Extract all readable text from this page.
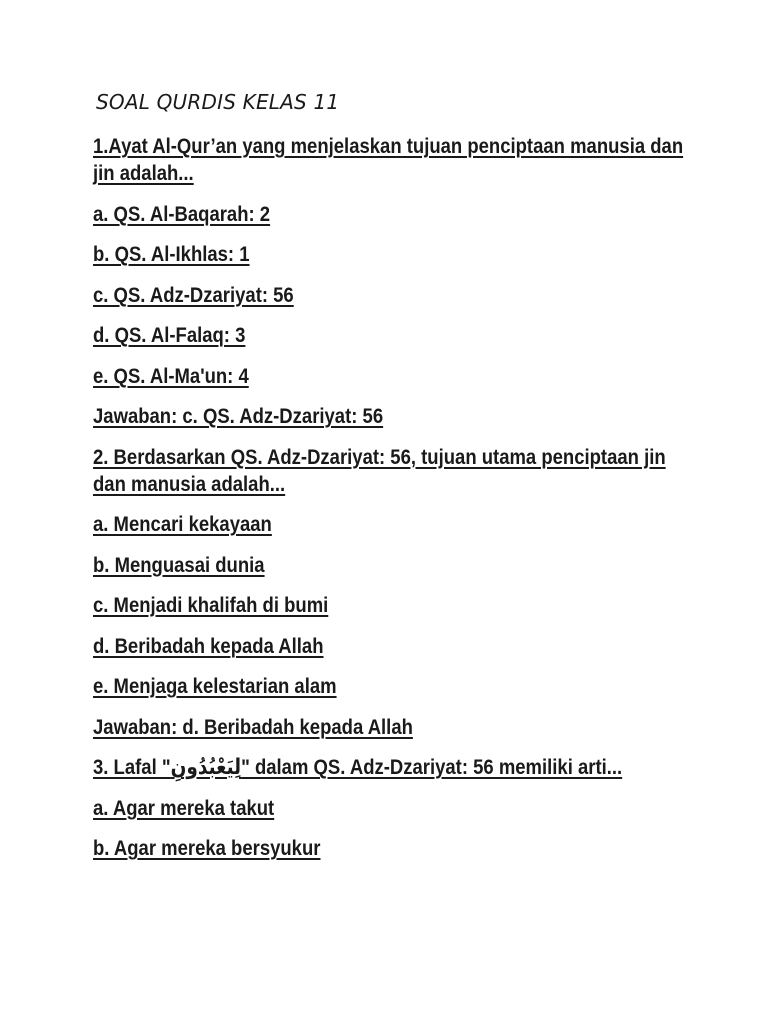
SOAL QURDIS KELAS 11
1.Ayat Al-Qur’an yang menjelaskan tujuan penciptaan manusia dan jin adalah...
a. QS. Al-Baqarah: 2
b. QS. Al-Ikhlas: 1
c. QS. Adz-Dzariyat: 56
d. QS. Al-Falaq: 3
e. QS. Al-Ma'un: 4
Jawaban: c. QS. Adz-Dzariyat: 56
2. Berdasarkan QS. Adz-Dzariyat: 56, tujuan utama penciptaan jin dan manusia adalah...
a. Mencari kekayaan
b. Menguasai dunia
c. Menjadi khalifah di bumi
d. Beribadah kepada Allah
e. Menjaga kelestarian alam
Jawaban: d. Beribadah kepada Allah
3. Lafal "لِيَعْبُدُونِ" dalam QS. Adz-Dzariyat: 56 memiliki arti...
a. Agar mereka takut
b. Agar mereka bersyukur
